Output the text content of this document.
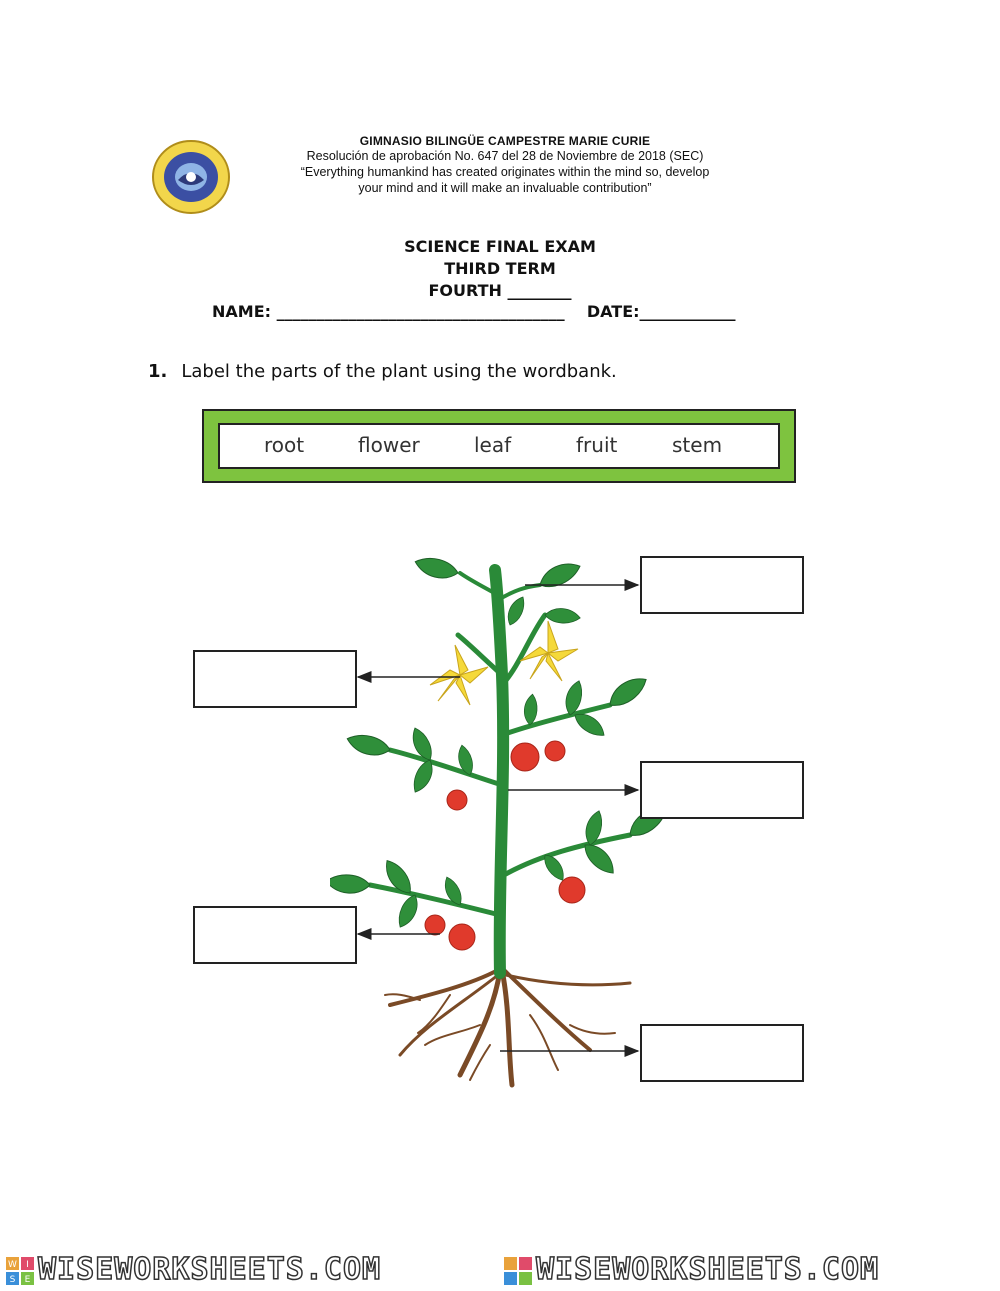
GIMNASIO BILINGÜE CAMPESTRE MARIE CURIE
Resolución de aprobación No. 647 del 28 de Noviembre de 2018 (SEC)
“Everything humankind has created originates within the mind so, develop
your mind and it will make an invaluable contribution”
SCIENCE FINAL EXAM
THIRD TERM
FOURTH ________
NAME: ____________________________________    DATE:____________
1. Label the parts of the plant using the wordbank.
root	flower	leaf	fruit	stem
W I
S E WISEWORKSHEETS.COM	WISEWORKSHEETS.COM
